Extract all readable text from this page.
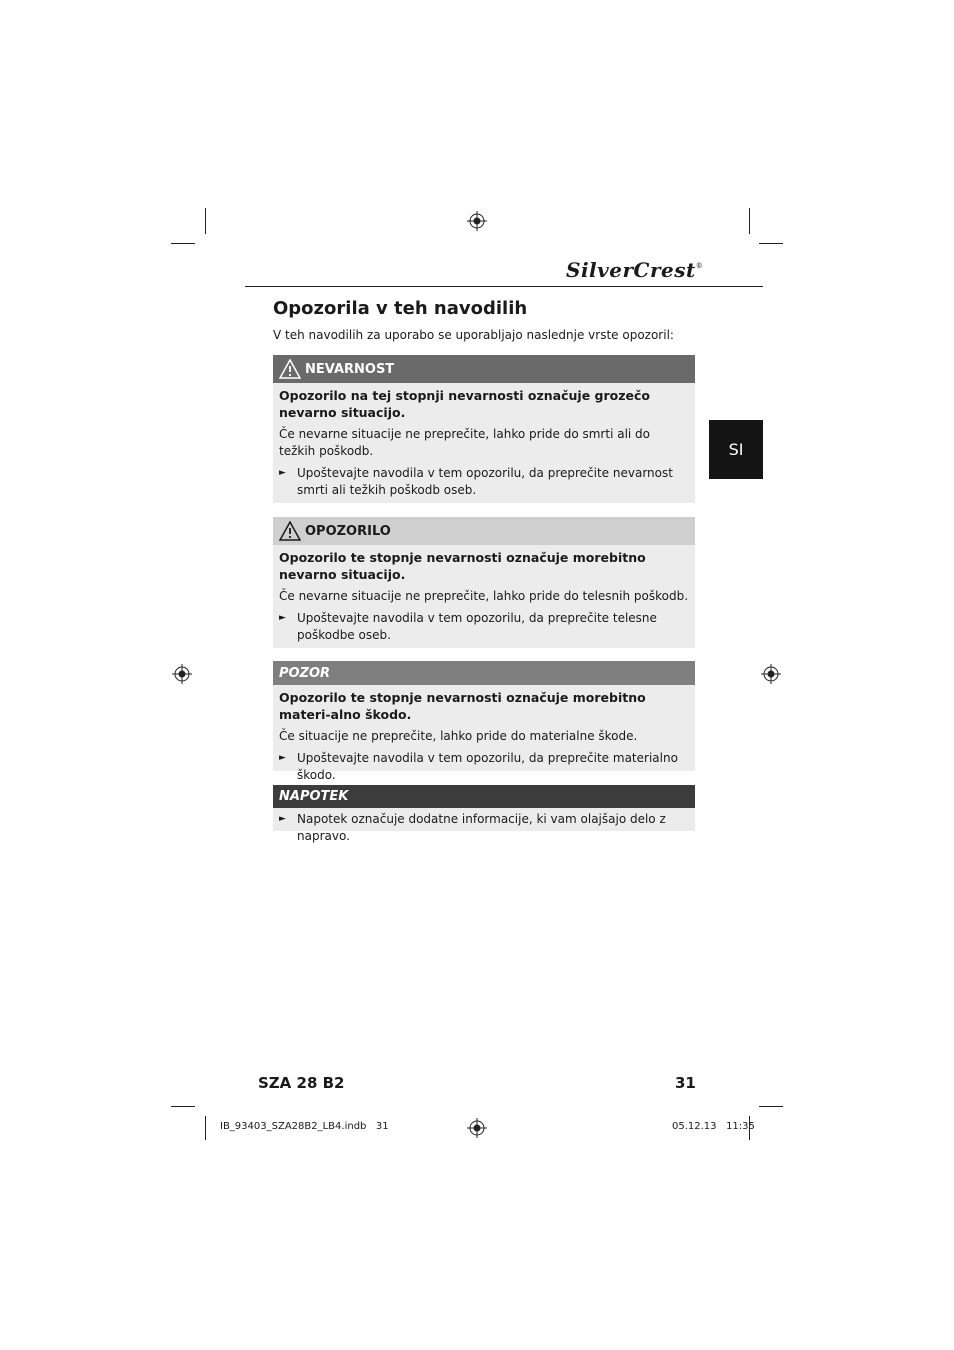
SilverCrest®
Opozorila v teh navodilih
V teh navodilih za uporabo se uporabljajo naslednje vrste opozoril:
NEVARNOST

Opozorilo na tej stopnji nevarnosti označuje grozečo nevarno situacijo.

Če nevarne situacije ne preprečite, lahko pride do smrti ali do težkih poškodb.

► Upoštevajte navodila v tem opozorilu, da preprečite nevarnost smrti ali težkih poškodb oseb.
OPOZORILO

Opozorilo te stopnje nevarnosti označuje morebitno nevarno situacijo.

Če nevarne situacije ne preprečite, lahko pride do telesnih poškodb.

► Upoštevajte navodila v tem opozorilu, da preprečite telesne poškodbe oseb.
POZOR

Opozorilo te stopnje nevarnosti označuje morebitno materi-alno škodo.

Če situacije ne preprečite, lahko pride do materialne škode.

► Upoštevajte navodila v tem opozorilu, da preprečite materialno škodo.
NAPOTEK
► Napotek označuje dodatne informacije, ki vam olajšajo delo z napravo.
SI
SZA 28 B2	31
IB_93403_SZA28B2_LB4.indb   31	05.12.13   11:35
